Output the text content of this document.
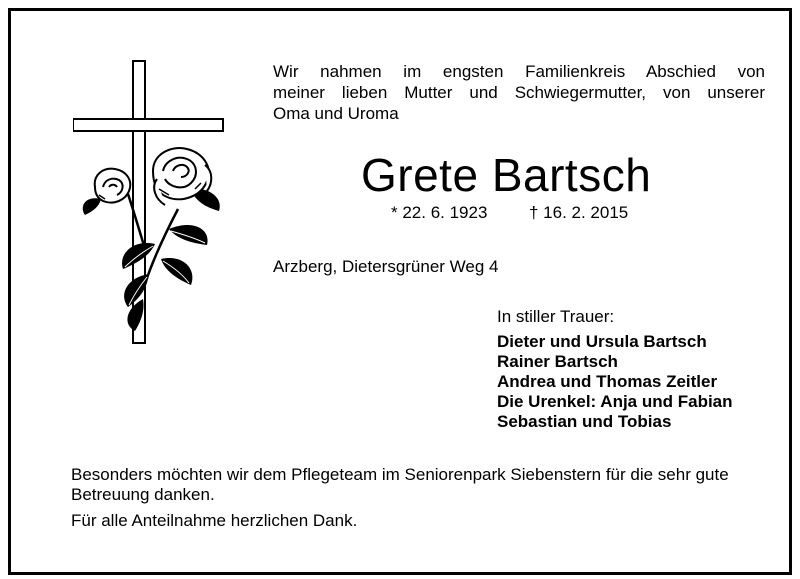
Wir nahmen im engsten Familienkreis Abschied von
meiner lieben Mutter und Schwiegermutter, von unserer
Oma und Uroma
Grete Bartsch
* 22. 6. 1923 † 16. 2. 2015
Arzberg, Dietersgrüner Weg 4
In stiller Trauer:
Dieter und Ursula Bartsch
Rainer Bartsch
Andrea und Thomas Zeitler
Die Urenkel: Anja und Fabian
Sebastian und Tobias
Besonders möchten wir dem Pflegeteam im Seniorenpark Siebenstern für die sehr gute Betreuung danken.
Für alle Anteilnahme herzlichen Dank.
